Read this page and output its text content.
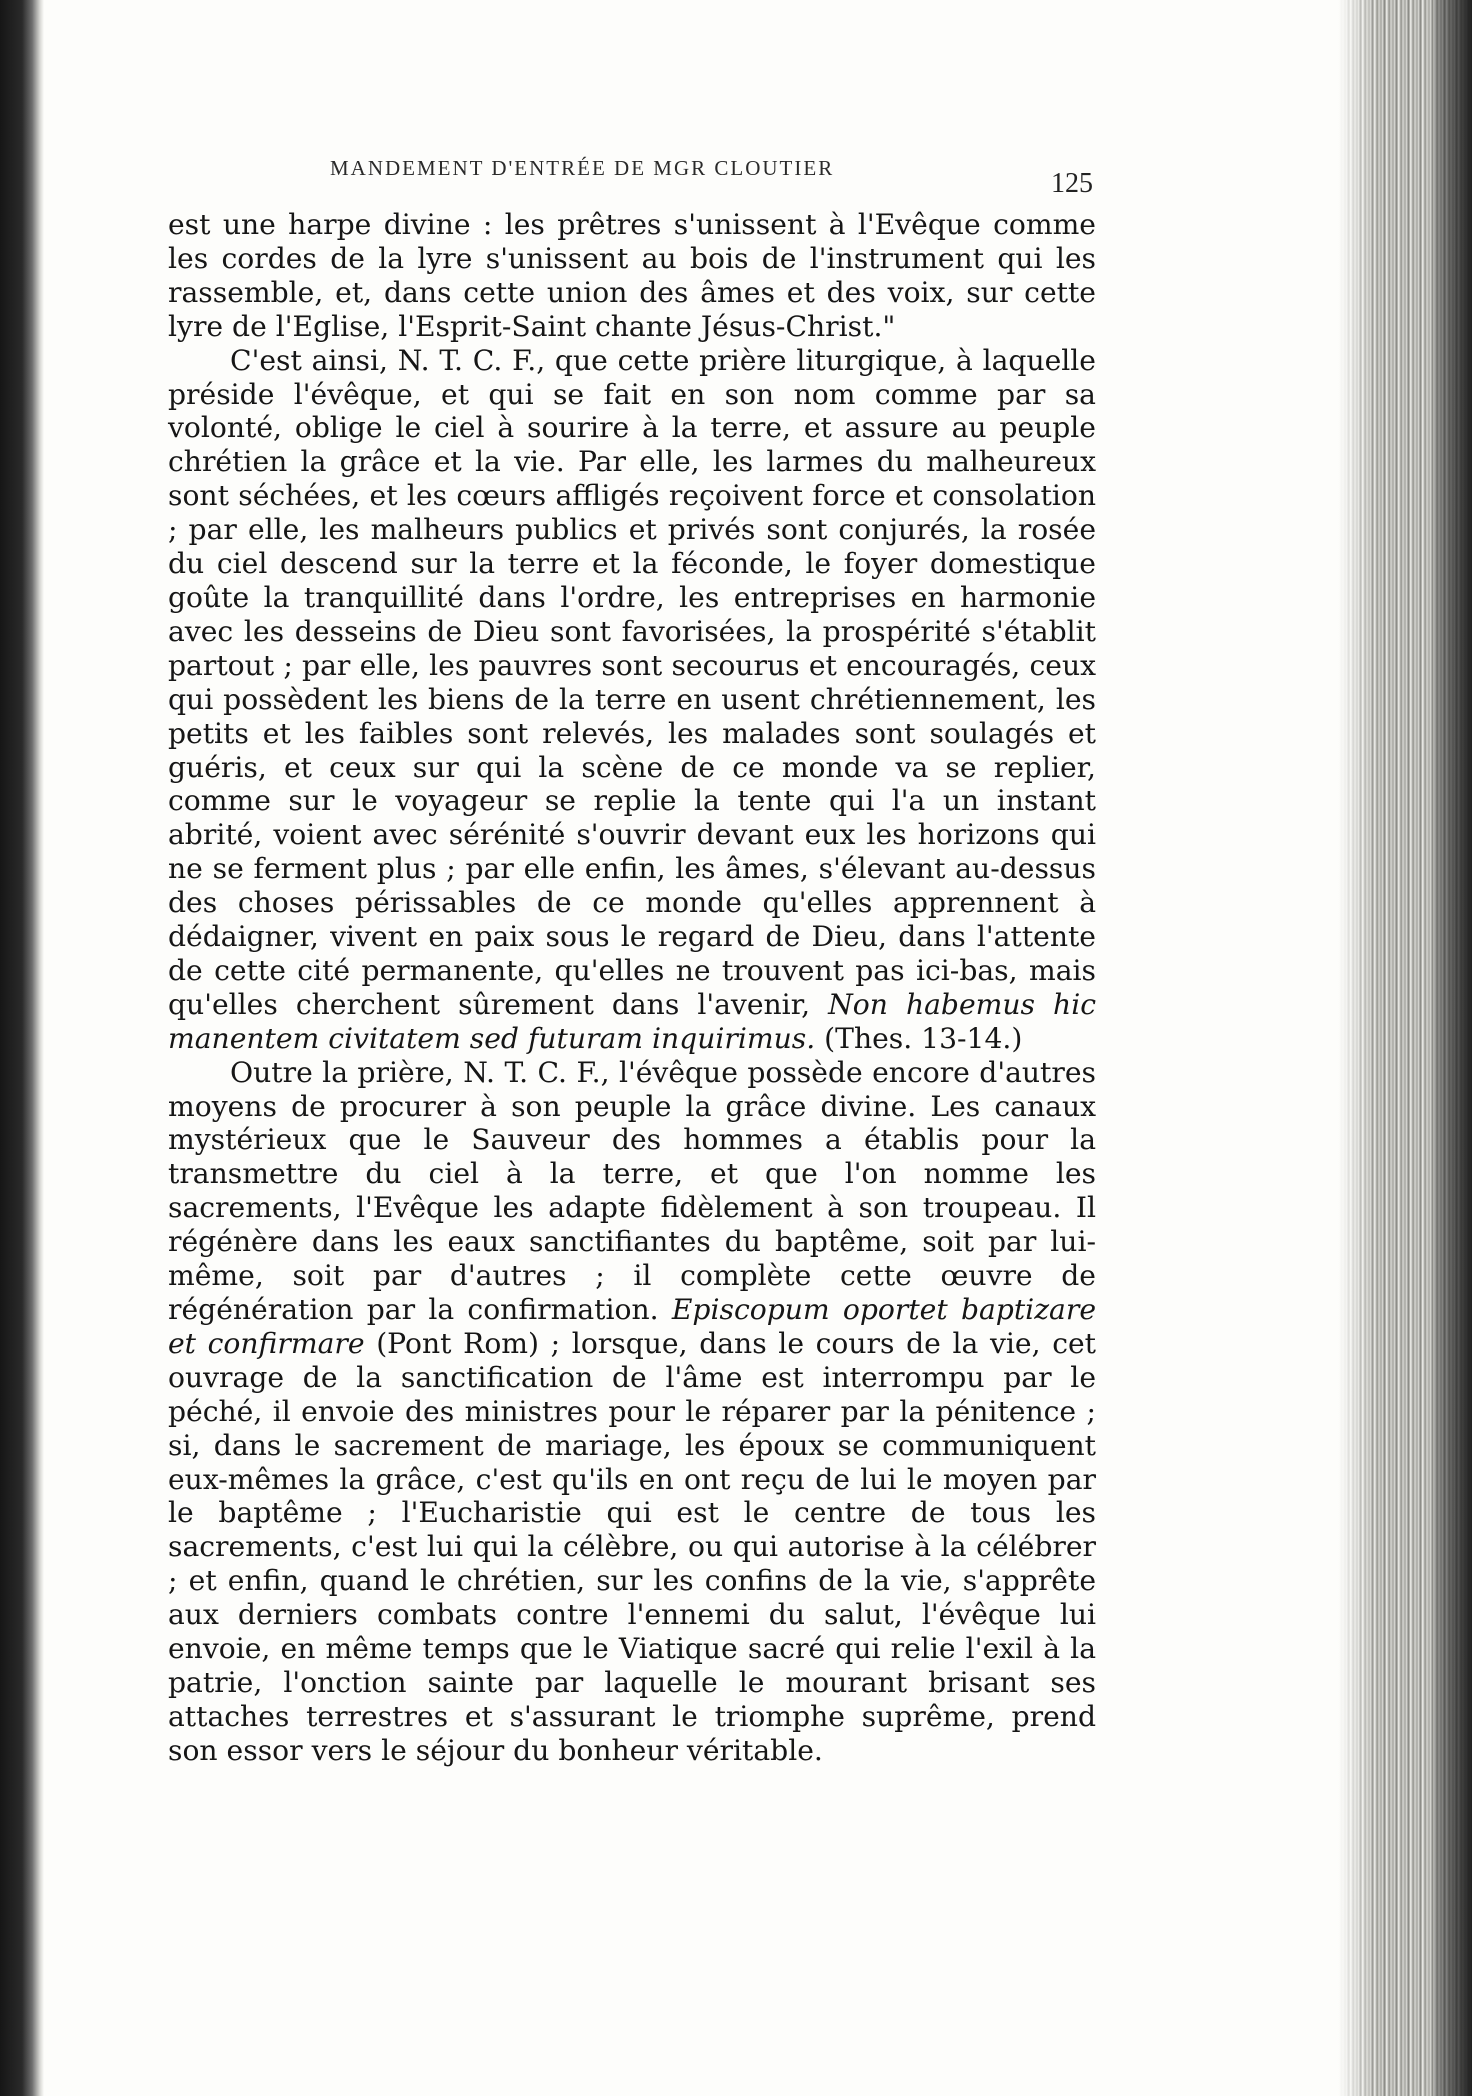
MANDEMENT D'ENTRÉE DE MGR CLOUTIER	125

est une harpe divine : les prêtres s'unissent à l'Evêque comme les cordes de la lyre s'unissent au bois de l'instrument qui les rassemble, et, dans cette union des âmes et des voix, sur cette lyre de l'Eglise, l'Esprit-Saint chante Jésus-Christ."

C'est ainsi, N. T. C. F., que cette prière liturgique, à laquelle préside l'évêque, et qui se fait en son nom comme par sa volonté, oblige le ciel à sourire à la terre, et assure au peuple chrétien la grâce et la vie. Par elle, les larmes du malheureux sont séchées, et les cœurs affligés reçoivent force et consolation ; par elle, les malheurs publics et privés sont conjurés, la rosée du ciel descend sur la terre et la féconde, le foyer domestique goûte la tranquillité dans l'ordre, les entreprises en harmonie avec les desseins de Dieu sont favorisées, la prospérité s'établit partout ; par elle, les pauvres sont secourus et encouragés, ceux qui possèdent les biens de la terre en usent chrétiennement, les petits et les faibles sont relevés, les malades sont soulagés et guéris, et ceux sur qui la scène de ce monde va se replier, comme sur le voyageur se replie la tente qui l'a un instant abrité, voient avec sérénité s'ouvrir devant eux les horizons qui ne se ferment plus ; par elle enfin, les âmes, s'élevant au-dessus des choses périssables de ce monde qu'elles apprennent à dédaigner, vivent en paix sous le regard de Dieu, dans l'attente de cette cité permanente, qu'elles ne trouvent pas ici-bas, mais qu'elles cherchent sûrement dans l'avenir, Non habemus hic manentem civitatem sed futuram inquirimus. (Thes. 13-14.)

Outre la prière, N. T. C. F., l'évêque possède encore d'autres moyens de procurer à son peuple la grâce divine. Les canaux mystérieux que le Sauveur des hommes a établis pour la transmettre du ciel à la terre, et que l'on nomme les sacrements, l'Evêque les adapte fidèlement à son troupeau. Il régénère dans les eaux sanctifiantes du baptême, soit par lui-même, soit par d'autres ; il complète cette œuvre de régénération par la confirmation. Episcopum oportet baptizare et confirmare (Pont Rom) ; lorsque, dans le cours de la vie, cet ouvrage de la sanctification de l'âme est interrompu par le péché, il envoie des ministres pour le réparer par la pénitence ; si, dans le sacrement de mariage, les époux se communiquent eux-mêmes la grâce, c'est qu'ils en ont reçu de lui le moyen par le baptême ; l'Eucharistie qui est le centre de tous les sacrements, c'est lui qui la célèbre, ou qui autorise à la célébrer ; et enfin, quand le chrétien, sur les confins de la vie, s'apprête aux derniers combats contre l'ennemi du salut, l'évêque lui envoie, en même temps que le Viatique sacré qui relie l'exil à la patrie, l'onction sainte par laquelle le mourant brisant ses attaches terrestres et s'assurant le triomphe suprême, prend son essor vers le séjour du bonheur véritable.
